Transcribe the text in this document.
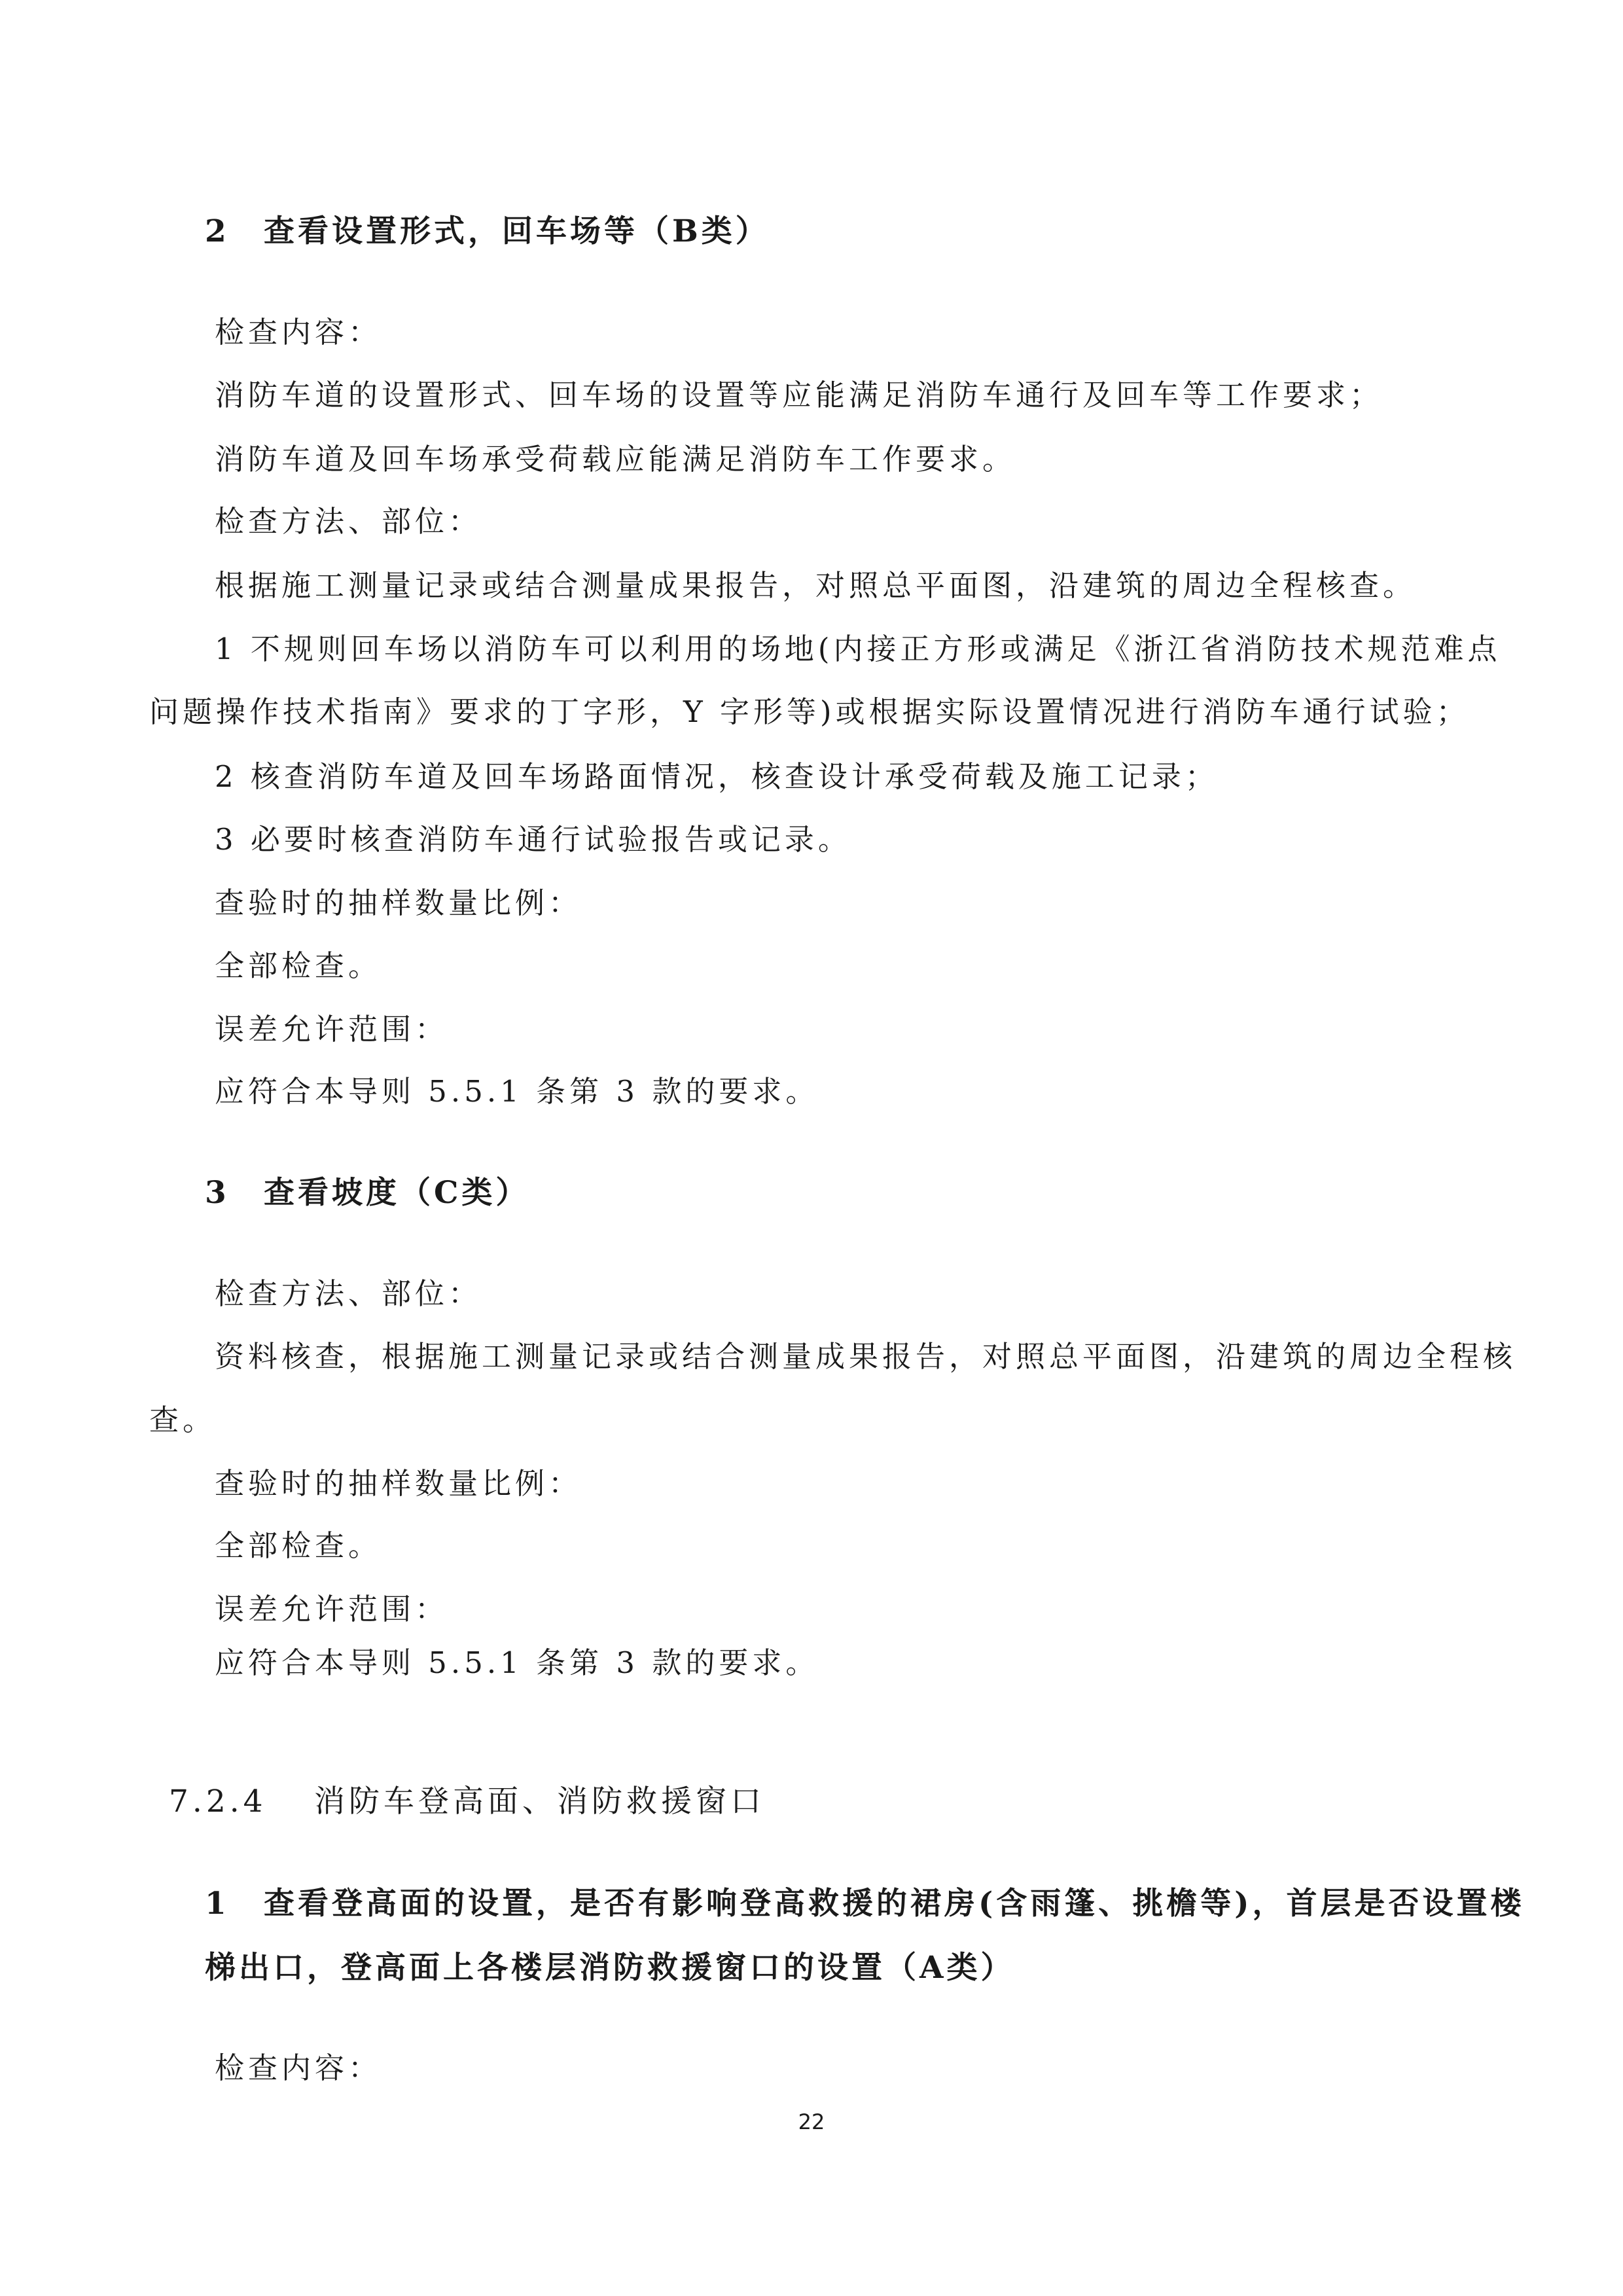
2 查看设置形式，回车场等（B类）
检查内容：
消防车道的设置形式、回车场的设置等应能满足消防车通行及回车等工作要求；
消防车道及回车场承受荷载应能满足消防车工作要求。
检查方法、部位：
根据施工测量记录或结合测量成果报告，对照总平面图，沿建筑的周边全程核查。
1 不规则回车场以消防车可以利用的场地(内接正方形或满足《浙江省消防技术规范难点
问题操作技术指南》要求的丁字形，Y 字形等)或根据实际设置情况进行消防车通行试验；
2 核查消防车道及回车场路面情况，核查设计承受荷载及施工记录；
3 必要时核查消防车通行试验报告或记录。
查验时的抽样数量比例：
全部检查。
误差允许范围：
应符合本导则 5.5.1 条第 3 款的要求。
3 查看坡度（C类）
检查方法、部位：
资料核查，根据施工测量记录或结合测量成果报告，对照总平面图，沿建筑的周边全程核
查。
查验时的抽样数量比例：
全部检查。
误差允许范围：
应符合本导则 5.5.1 条第 3 款的要求。
7.2.4 消防车登高面、消防救援窗口
1 查看登高面的设置，是否有影响登高救援的裙房(含雨篷、挑檐等)，首层是否设置楼
梯出口，登高面上各楼层消防救援窗口的设置（A类）
检查内容：
22
